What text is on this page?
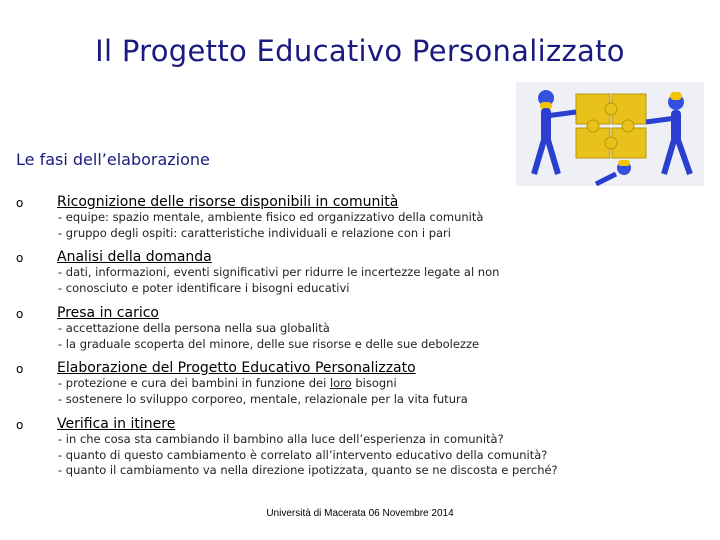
Il Progetto Educativo Personalizzato
Le fasi dell’elaborazione
o Ricognizione delle risorse disponibili in comunità
- equipe: spazio mentale, ambiente fisico ed organizzativo della comunità
- gruppo degli ospiti: caratteristiche individuali e relazione con i pari
o Analisi della domanda
- dati, informazioni, eventi significativi per ridurre le incertezze legate al non
- conosciuto e poter identificare i bisogni educativi
o Presa in carico
- accettazione della persona nella sua globalità
- la graduale scoperta del minore, delle sue risorse e delle sue debolezze
o Elaborazione del Progetto Educativo Personalizzato
- protezione e cura dei bambini in funzione dei loro bisogni
- sostenere lo sviluppo corporeo, mentale, relazionale per la vita futura
o Verifica in itinere
- in che cosa sta cambiando il bambino alla luce dell’esperienza in comunità?
- quanto di questo cambiamento è correlato all’intervento educativo della comunità?
- quanto il cambiamento va nella direzione ipotizzata, quanto se ne discosta e perché?
Università di Macerata 06 Novembre 2014
